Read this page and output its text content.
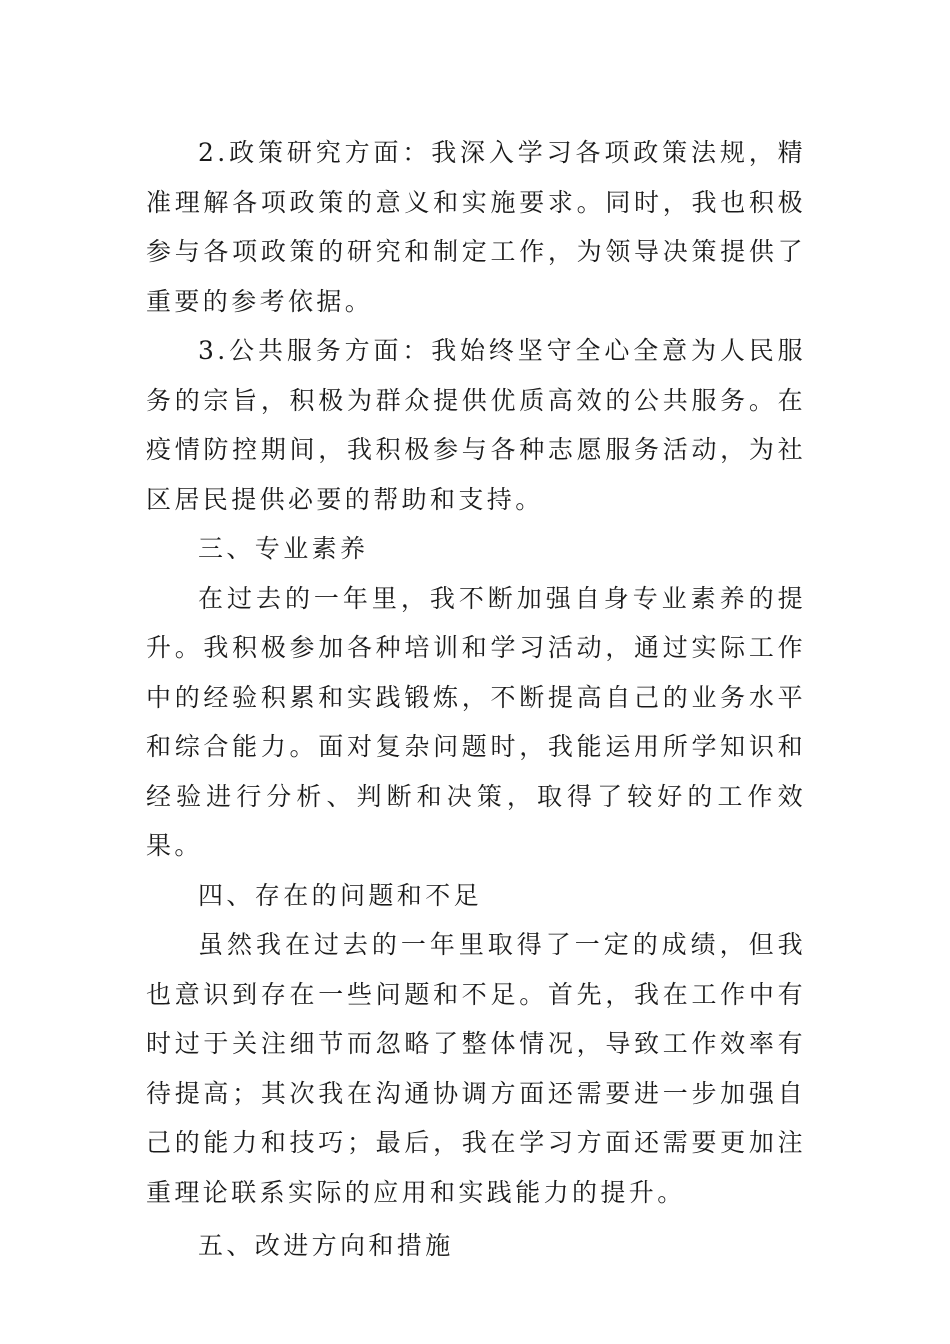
2.政策研究方面：我深入学习各项政策法规，精准理解各项政策的意义和实施要求。同时，我也积极参与各项政策的研究和制定工作，为领导决策提供了重要的参考依据。

3.公共服务方面：我始终坚守全心全意为人民服务的宗旨，积极为群众提供优质高效的公共服务。在疫情防控期间，我积极参与各种志愿服务活动，为社区居民提供必要的帮助和支持。

三、专业素养

在过去的一年里，我不断加强自身专业素养的提升。我积极参加各种培训和学习活动，通过实际工作中的经验积累和实践锻炼，不断提高自己的业务水平和综合能力。面对复杂问题时，我能运用所学知识和经验进行分析、判断和决策，取得了较好的工作效果。

四、存在的问题和不足

虽然我在过去的一年里取得了一定的成绩，但我也意识到存在一些问题和不足。首先，我在工作中有时过于关注细节而忽略了整体情况，导致工作效率有待提高；其次我在沟通协调方面还需要进一步加强自己的能力和技巧；最后，我在学习方面还需要更加注重理论联系实际的应用和实践能力的提升。

五、改进方向和措施
